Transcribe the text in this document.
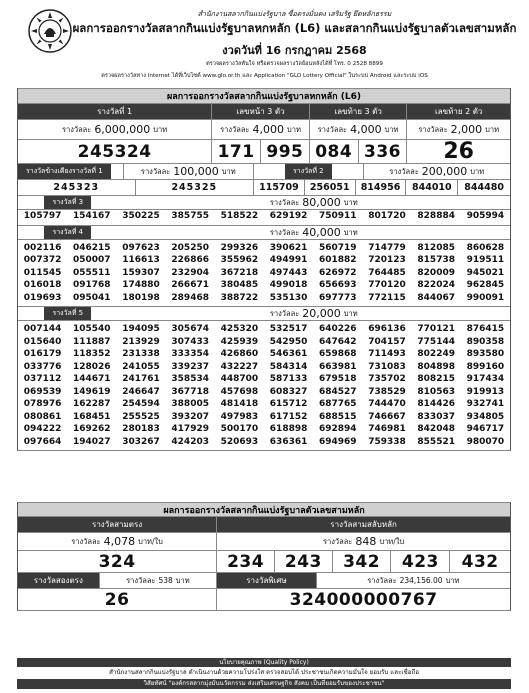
สำนักงานสลากกินแบ่งรัฐบาล ซื่อตรงมั่นคง เสริมรัฐ ยึดหลักธรรม
ผลการออกรางวัลสลากกินแบ่งรัฐบาลหกหลัก (L6) และสลากกินแบ่งรัฐบาลตัวเลขสามหลัก
งวดวันที่ 16 กรกฎาคม 2568
ตรวจผลรางวัลทันใจ หรือตรวจผลรางวัลย้อนหลังได้ที่ โทร. 0 2528 8899
ตรวจผลรางวัลทาง Internet ได้ที่เว็บไซต์ www.glo.or.th และ Application "GLO Lottery Official" ในระบบ Android และระบบ iOS
ผลการออกรางวัลสลากกินแบ่งรัฐบาลหกหลัก (L6)
รางวัลที่ 1	เลขหน้า 3 ตัว	เลขท้าย 3 ตัว	เลขท้าย 2 ตัว
รางวัลละ 6,000,000 บาท	รางวัลละ 4,000 บาท รางวัลละ 4,000 บาท	รางวัลละ 2,000 บาท
245324	171 995 084 336	26
รางวัลข้างเคียงรางวัลที่ 1	รางวัลละ 100,000 บาท	รางวัลที่ 2	รางวัลละ 200,000 บาท
245323	245325	115709	256051	814956	844010	844480
รางวัลที่ 3	รางวัลละ 80,000 บาท
105797	154167	350225	385755	518522	629192	750911	801720	828884	905994
รางวัลที่ 4	รางวัลละ 40,000 บาท
002116	046215	097623	205250	299326	390621	560719	714779	812085	860628
007372	050007	116613	226866	355962	494991	601882	720123	815738	919511
011545	055511	159307	232904	367218	497443	626972	764485	820009	945021
016018	091768	174880	266671	380485	499018	656693	770120	822024	962845
019693	095041	180198	289468	388722	535130	697773	772115	844067	990091
รางวัลที่ 5	รางวัลละ 20,000 บาท
007144	105540	194095	305674	425320	532517	640226	696136	770121	876415
015640	111887	213929	307433	425939	542950	647642	704157	775144	890358
016179	118352	231338	333354	426860	546361	659868	711493	802249	893580
033776	128026	241055	339237	432227	584314	663981	731083	804898	899160
037112	144671	241761	358534	448700	587133	679518	735702	808215	917434
069539	149619	246647	367718	457698	608327	684527	738529	810563	919913
078976	162287	254594	388005	481418	615712	687765	744470	814426	932741
080861	168451	255525	393207	497983	617152	688515	746667	833037	934805
094222	169262	280183	417929	500170	618898	692894	746981	842048	946717
097664	194027	303267	424203	520693	636361	694969	759338	855521	980070
ผลการออกรางวัลสลากกินแบ่งรัฐบาลตัวเลขสามหลัก
รางวัลสามตรง	รางวัลสามสลับหลัก
รางวัลละ 4,078 บาท/ใบ	รางวัลละ 848 บาท/ใบ
324	234	243	342	423	432
รางวัลสองตรง	รางวัลละ 538 บาท	รางวัลพิเศษ	รางวัลละ 234,156.00 บาท
26	324000000767
นโยบายคุณภาพ (Quality Policy)
สำนักงานสลากกินแบ่งรัฐบาล ดำเนินงานด้วยความโปร่งใส ตรวจสอบได้ ประชาชนเกิดความมั่นใจ ยอมรับ และเชื่อถือ
วิสัยทัศน์ "องค์กรสลากมุ่งมั่นนวัตกรรม ส่งเสริมเศรษฐกิจ สังคม เป็นที่ยอมรับของประชาชน"
